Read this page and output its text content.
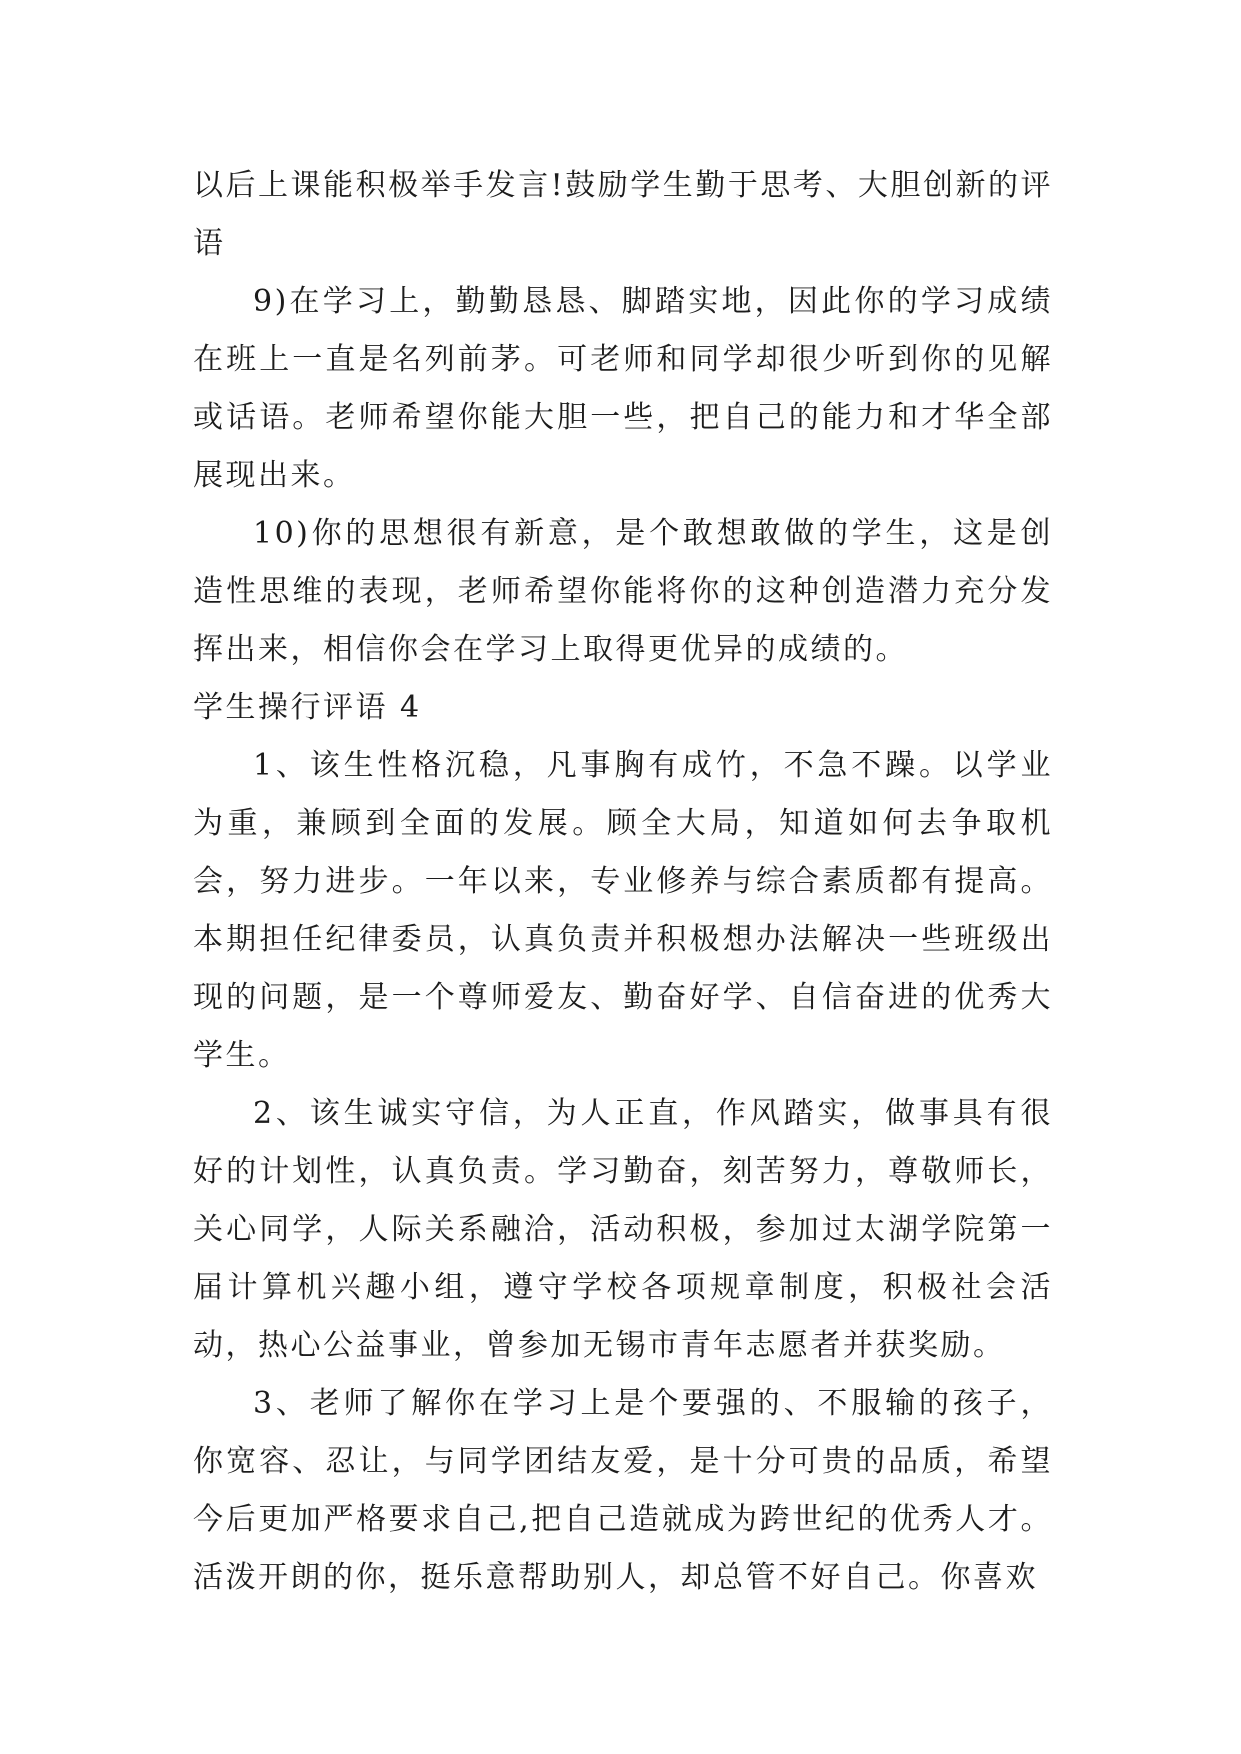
以后上课能积极举手发言!鼓励学生勤于思考、大胆创新的评语

9)在学习上，勤勤恳恳、脚踏实地，因此你的学习成绩在班上一直是名列前茅。可老师和同学却很少听到你的见解或话语。老师希望你能大胆一些，把自己的能力和才华全部展现出来。

10)你的思想很有新意，是个敢想敢做的学生，这是创造性思维的表现，老师希望你能将你的这种创造潜力充分发挥出来，相信你会在学习上取得更优异的成绩的。

学生操行评语 4

1、该生性格沉稳，凡事胸有成竹，不急不躁。以学业为重，兼顾到全面的发展。顾全大局，知道如何去争取机会，努力进步。一年以来，专业修养与综合素质都有提高。本期担任纪律委员，认真负责并积极想办法解决一些班级出现的问题，是一个尊师爱友、勤奋好学、自信奋进的优秀大学生。

2、该生诚实守信，为人正直，作风踏实，做事具有很好的计划性，认真负责。学习勤奋，刻苦努力，尊敬师长，关心同学，人际关系融洽，活动积极，参加过太湖学院第一届计算机兴趣小组，遵守学校各项规章制度，积极社会活动，热心公益事业，曾参加无锡市青年志愿者并获奖励。

3、老师了解你在学习上是个要强的、不服输的孩子，你宽容、忍让，与同学团结友爱，是十分可贵的品质，希望今后更加严格要求自己,把自己造就成为跨世纪的优秀人才。活泼开朗的你，挺乐意帮助别人，却总管不好自己。你喜欢
